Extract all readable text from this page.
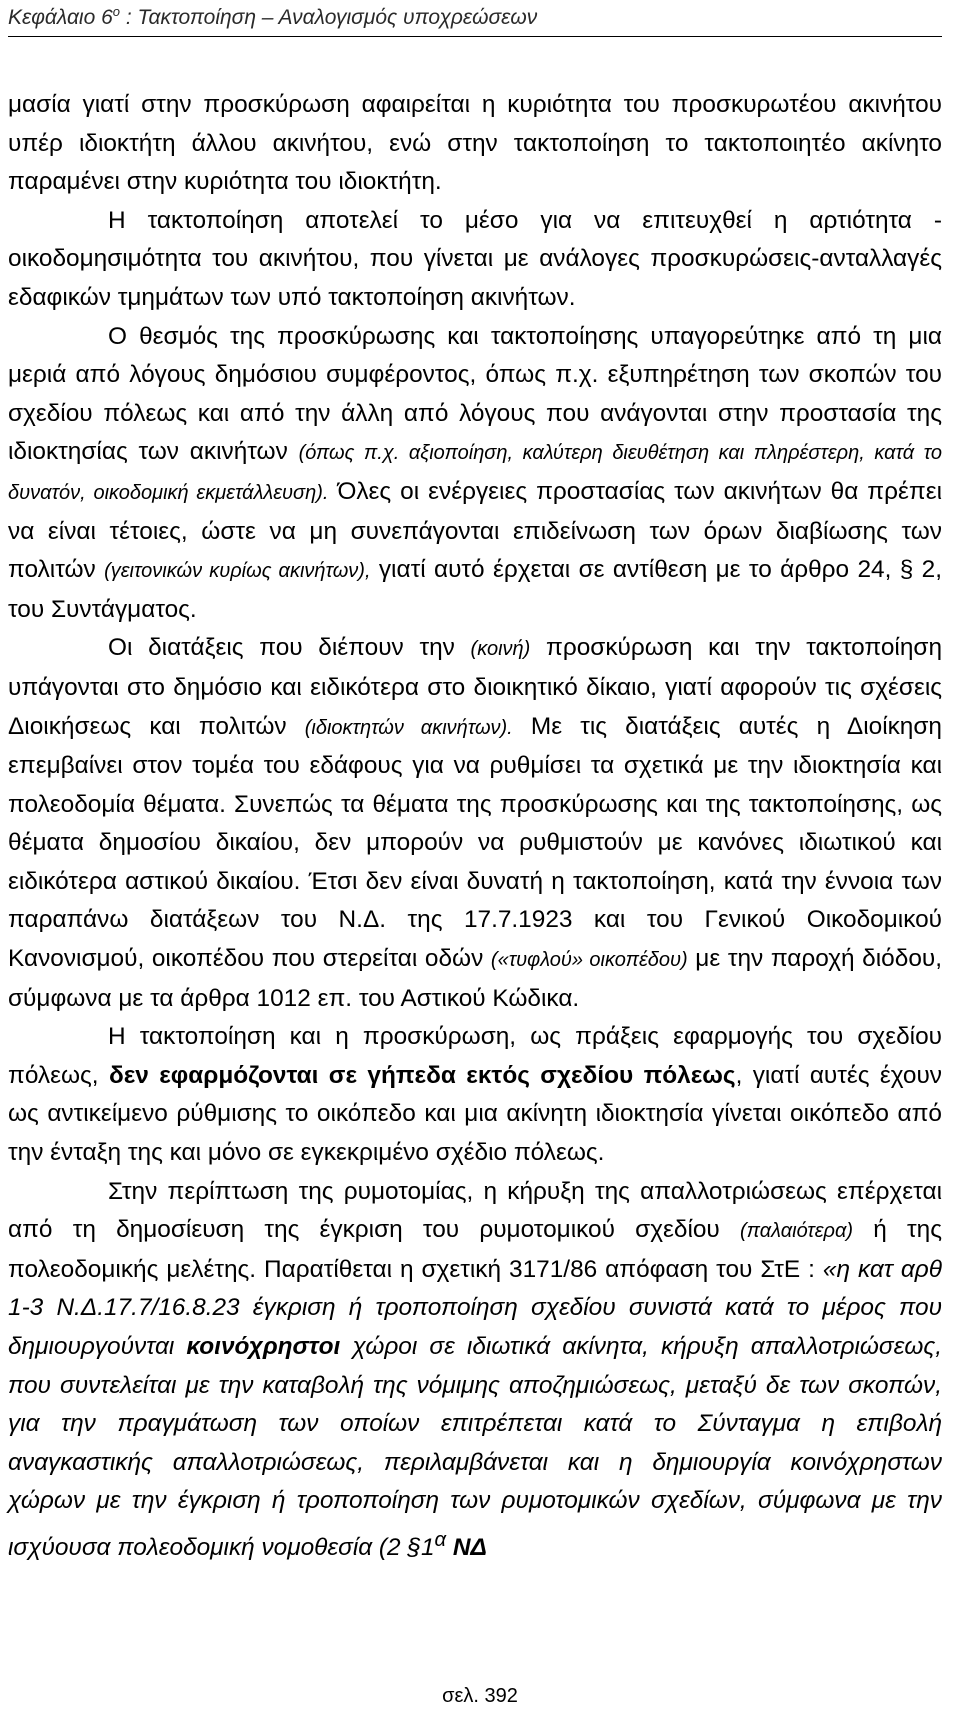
Κεφάλαιο $6^o$ : Τακτοποίηση – Αναλογισμός υποχρεώσεων

μασία γιατί στην προσκύρωση αφαιρείται η κυριότητα του προσκυρωτέου ακινήτου υπέρ ιδιοκτήτη άλλου ακινήτου, ενώ στην τακτοποίηση το τακτοποιητέο ακίνητο παραμένει στην κυριότητα του ιδιοκτήτη.

Η τακτοποίηση αποτελεί το μέσο για να επιτευχθεί η αρτιότητα - οικοδομησιμότητα του ακινήτου, που γίνεται με ανάλογες προσκυρώσεις-ανταλλαγές εδαφικών τμημάτων των υπό τακτοποίηση ακινήτων.

Ο θεσμός της προσκύρωσης και τακτοποίησης υπαγορεύτηκε από τη μια μεριά από λόγους δημόσιου συμφέροντος, όπως π.χ. εξυπηρέτηση των σκοπών του σχεδίου πόλεως και από την άλλη από λόγους που ανάγονται στην προστασία της ιδιοκτησίας των ακινήτων (όπως π.χ. αξιοποίηση, καλύτερη διευθέτηση και πληρέστερη, κατά το δυνατόν, οικοδομική εκμετάλλευση). Όλες οι ενέργειες προστασίας των ακινήτων θα πρέπει να είναι τέτοιες, ώστε να μη συνεπάγονται επιδείνωση των όρων διαβίωσης των πολιτών (γειτονικών κυρίως ακινήτων), γιατί αυτό έρχεται σε αντίθεση με το άρθρο 24, § 2, του Συντάγματος.

Οι διατάξεις που διέπουν την (κοινή) προσκύρωση και την τακτοποίηση υπάγονται στο δημόσιο και ειδικότερα στο διοικητικό δίκαιο, γιατί αφορούν τις σχέσεις Διοικήσεως και πολιτών (ιδιοκτητών ακινήτων). Με τις διατάξεις αυτές η Διοίκηση επεμβαίνει στον τομέα του εδάφους για να ρυθμίσει τα σχετικά με την ιδιοκτησία και πολεοδομία θέματα. Συνεπώς τα θέματα της προσκύρωσης και της τακτοποίησης, ως θέματα δημοσίου δικαίου, δεν μπορούν να ρυθμιστούν με κανόνες ιδιωτικού και ειδικότερα αστικού δικαίου. Έτσι δεν είναι δυνατή η τακτοποίηση, κατά την έννοια των παραπάνω διατάξεων του Ν.Δ. της 17.7.1923 και του Γενικού Οικοδομικού Κανονισμού, οικοπέδου που στερείται οδών («τυφλού» οικοπέδου) με την παροχή διόδου, σύμφωνα με τα άρθρα 1012 επ. του Αστικού Κώδικα.

Η τακτοποίηση και η προσκύρωση, ως πράξεις εφαρμογής του σχεδίου πόλεως, δεν εφαρμόζονται σε γήπεδα εκτός σχεδίου πόλεως, γιατί αυτές έχουν ως αντικείμενο ρύθμισης το οικόπεδο και μια ακίνητη ιδιοκτησία γίνεται οικόπεδο από την ένταξη της και μόνο σε εγκεκριμένο σχέδιο πόλεως.

Στην περίπτωση της ρυμοτομίας, η κήρυξη της απαλλοτριώσεως επέρχεται από τη δημοσίευση της έγκριση του ρυμοτομικού σχεδίου (παλαιότερα) ή της πολεοδομικής μελέτης. Παρατίθεται η σχετική 3171/86 απόφαση του ΣτΕ : «η κατ αρθ 1-3 Ν.Δ.17.7/16.8.23 έγκριση ή τροποποίηση σχεδίου συνιστά κατά το μέρος που δημιουργούνται κοινόχρηστοι χώροι σε ιδιωτικά ακίνητα, κήρυξη απαλλοτριώσεως, που συντελείται με την καταβολή της νόμιμης αποζημιώσεως, μεταξύ δε των σκοπών, για την πραγμάτωση των οποίων επιτρέπεται κατά το Σύνταγμα η επιβολή αναγκαστικής απαλλοτριώσεως, περιλαμβάνεται και η δημιουργία κοινόχρηστων χώρων με την έγκριση ή τροποποίηση των ρυμοτομικών σχεδίων, σύμφωνα με την ισχύουσα πολεοδομική νομοθεσία (2 $\S 1^\alpha$ ΝΔ

σελ. 392
